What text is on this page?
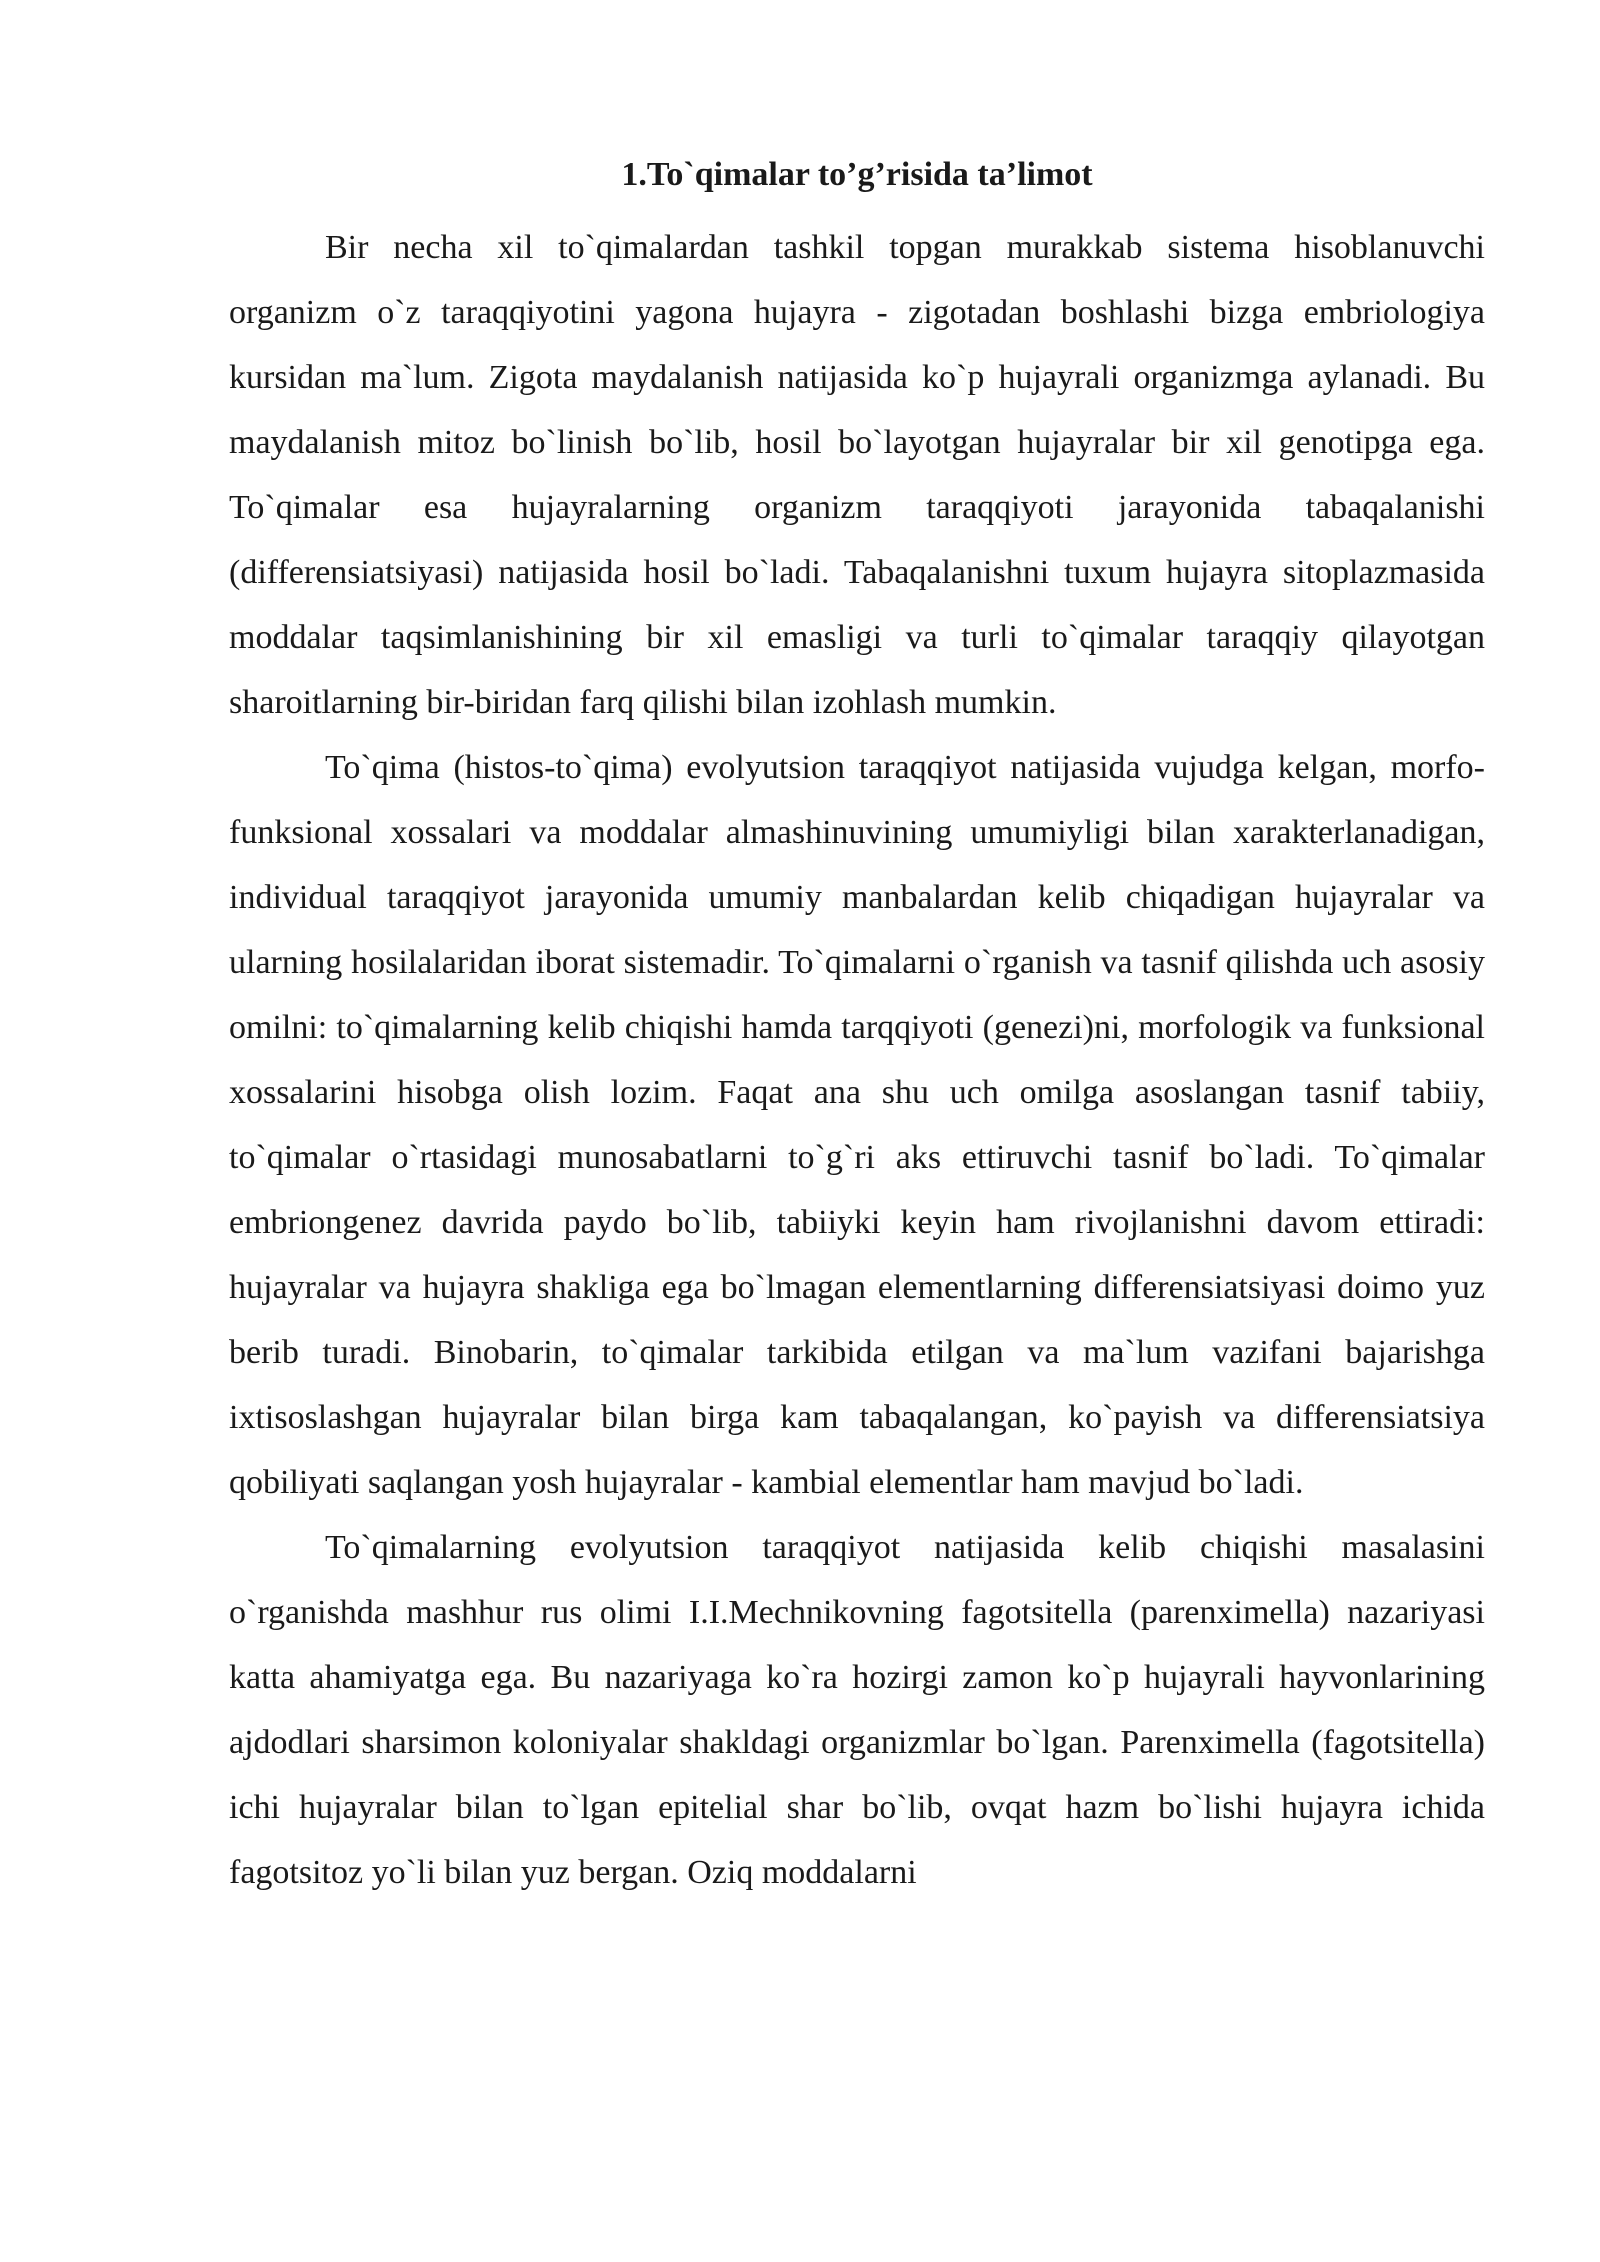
1.To`qimalar to’g’risida ta’limot

Bir necha xil to`qimalardan tashkil topgan murakkab sistema hisoblanuvchi organizm o`z taraqqiyotini yagona hujayra - zigotadan boshlashi bizga embriologiya kursidan ma`lum. Zigota maydalanish natijasida ko`p hujayrali organizmga aylanadi. Bu maydalanish mitoz bo`linish bo`lib, hosil bo`layotgan hujayralar bir xil genotipga ega. To`qimalar esa hujayralarning organizm taraqqiyoti jarayonida tabaqalanishi (differensiatsiyasi) natijasida hosil bo`ladi. Tabaqalanishni tuxum hujayra sitoplazmasida moddalar taqsimlanishining bir xil emasligi va turli to`qimalar taraqqiy qilayotgan sharoitlarning bir-biridan farq qilishi bilan izohlash mumkin.

To`qima (histos-to`qima) evolyutsion taraqqiyot natijasida vujudga kelgan, morfo-funksional xossalari va moddalar almashinuvining umumiyligi bilan xarakterlanadigan, individual taraqqiyot jarayonida umumiy manbalardan kelib chiqadigan hujayralar va ularning hosilalaridan iborat sistemadir. To`qimalarni o`rganish va tasnif qilishda uch asosiy omilni: to`qimalarning kelib chiqishi hamda tarqqiyoti (genezi)ni, morfologik va funksional xossalarini hisobga olish lozim. Faqat ana shu uch omilga asoslangan tasnif tabiiy, to`qimalar o`rtasidagi munosabatlarni to`g`ri aks ettiruvchi tasnif bo`ladi. To`qimalar embriongenez davrida paydo bo`lib, tabiiyki keyin ham rivojlanishni davom ettiradi: hujayralar va hujayra shakliga ega bo`lmagan elementlarning differensiatsiyasi doimo yuz berib turadi. Binobarin, to`qimalar tarkibida etilgan va ma`lum vazifani bajarishga ixtisoslashgan hujayralar bilan birga kam tabaqalangan, ko`payish va differensiatsiya qobiliyati saqlangan yosh hujayralar - kambial elementlar ham mavjud bo`ladi.

To`qimalarning evolyutsion taraqqiyot natijasida kelib chiqishi masalasini o`rganishda mashhur rus olimi I.I.Mechnikovning fagotsitella (parenximella) nazariyasi katta ahamiyatga ega. Bu nazariyaga ko`ra hozirgi zamon ko`p hujayrali hayvonlarining ajdodlari sharsimon koloniyalar shakldagi organizmlar bo`lgan. Parenximella (fagotsitella) ichi hujayralar bilan to`lgan epitelial shar bo`lib, ovqat hazm bo`lishi hujayra ichida fagotsitoz yo`li bilan yuz bergan. Oziq moddalarni
